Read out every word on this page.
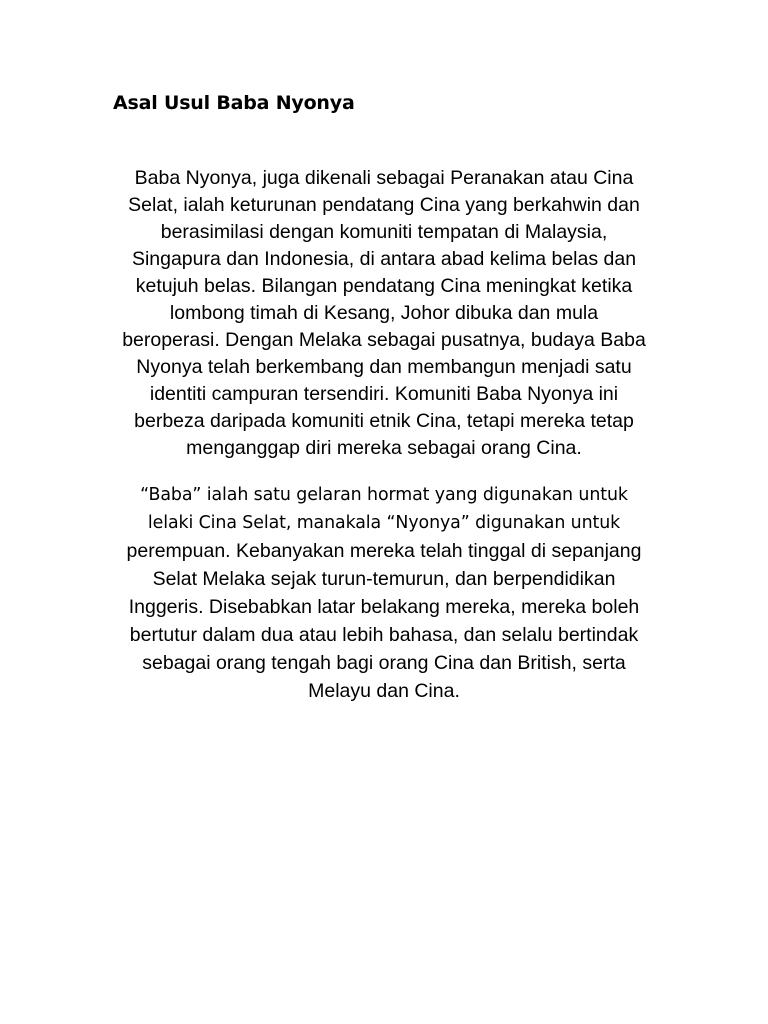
Asal Usul Baba Nyonya

Baba Nyonya, juga dikenali sebagai Peranakan atau Cina
Selat, ialah keturunan pendatang Cina yang berkahwin dan
berasimilasi dengan komuniti tempatan di Malaysia,
Singapura dan Indonesia, di antara abad kelima belas dan
ketujuh belas. Bilangan pendatang Cina meningkat ketika
lombong timah di Kesang, Johor dibuka dan mula
beroperasi. Dengan Melaka sebagai pusatnya, budaya Baba
Nyonya telah berkembang dan membangun menjadi satu
identiti campuran tersendiri. Komuniti Baba Nyonya ini
berbeza daripada komuniti etnik Cina, tetapi mereka tetap
menganggap diri mereka sebagai orang Cina.

“Baba” ialah satu gelaran hormat yang digunakan untuk
lelaki Cina Selat, manakala “Nyonya” digunakan untuk
perempuan. Kebanyakan mereka telah tinggal di sepanjang
Selat Melaka sejak turun-temurun, dan berpendidikan
Inggeris. Disebabkan latar belakang mereka, mereka boleh
bertutur dalam dua atau lebih bahasa, dan selalu bertindak
sebagai orang tengah bagi orang Cina dan British, serta
Melayu dan Cina.
